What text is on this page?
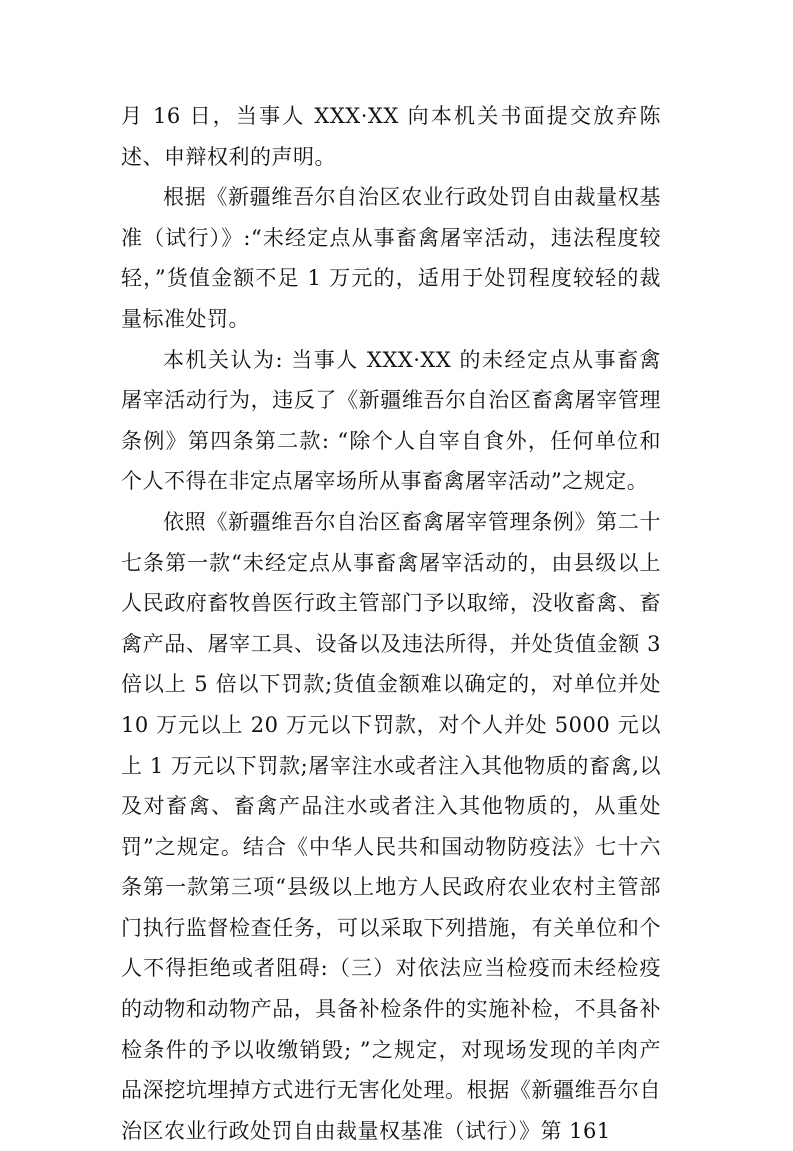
月 16 日，当事人 XXX·XX 向本机关书面提交放弃陈述、申辩权利的声明。

根据《新疆维吾尔自治区农业行政处罚自由裁量权基准（试行）》:“未经定点从事畜禽屠宰活动，违法程度较轻，”货值金额不足 1 万元的，适用于处罚程度较轻的裁量标准处罚。

本机关认为: 当事人 XXX·XX 的未经定点从事畜禽屠宰活动行为，违反了《新疆维吾尔自治区畜禽屠宰管理条例》第四条第二款: “除个人自宰自食外，任何单位和个人不得在非定点屠宰场所从事畜禽屠宰活动”之规定。

依照《新疆维吾尔自治区畜禽屠宰管理条例》第二十七条第一款“未经定点从事畜禽屠宰活动的，由县级以上人民政府畜牧兽医行政主管部门予以取缔，没收畜禽、畜禽产品、屠宰工具、设备以及违法所得，并处货值金额 3 倍以上 5 倍以下罚款;货值金额难以确定的，对单位并处 10 万元以上 20 万元以下罚款，对个人并处 5000 元以上 1 万元以下罚款;屠宰注水或者注入其他物质的畜禽,以及对畜禽、畜禽产品注水或者注入其他物质的，从重处罚”之规定。结合《中华人民共和国动物防疫法》七十六条第一款第三项“县级以上地方人民政府农业农村主管部门执行监督检查任务，可以采取下列措施，有关单位和个人不得拒绝或者阻碍:（三）对依法应当检疫而未经检疫的动物和动物产品，具备补检条件的实施补检，不具备补检条件的予以收缴销毁; ”之规定，对现场发现的羊肉产品深挖坑埋掉方式进行无害化处理。根据《新疆维吾尔自治区农业行政处罚自由裁量权基准（试行）》第 161
